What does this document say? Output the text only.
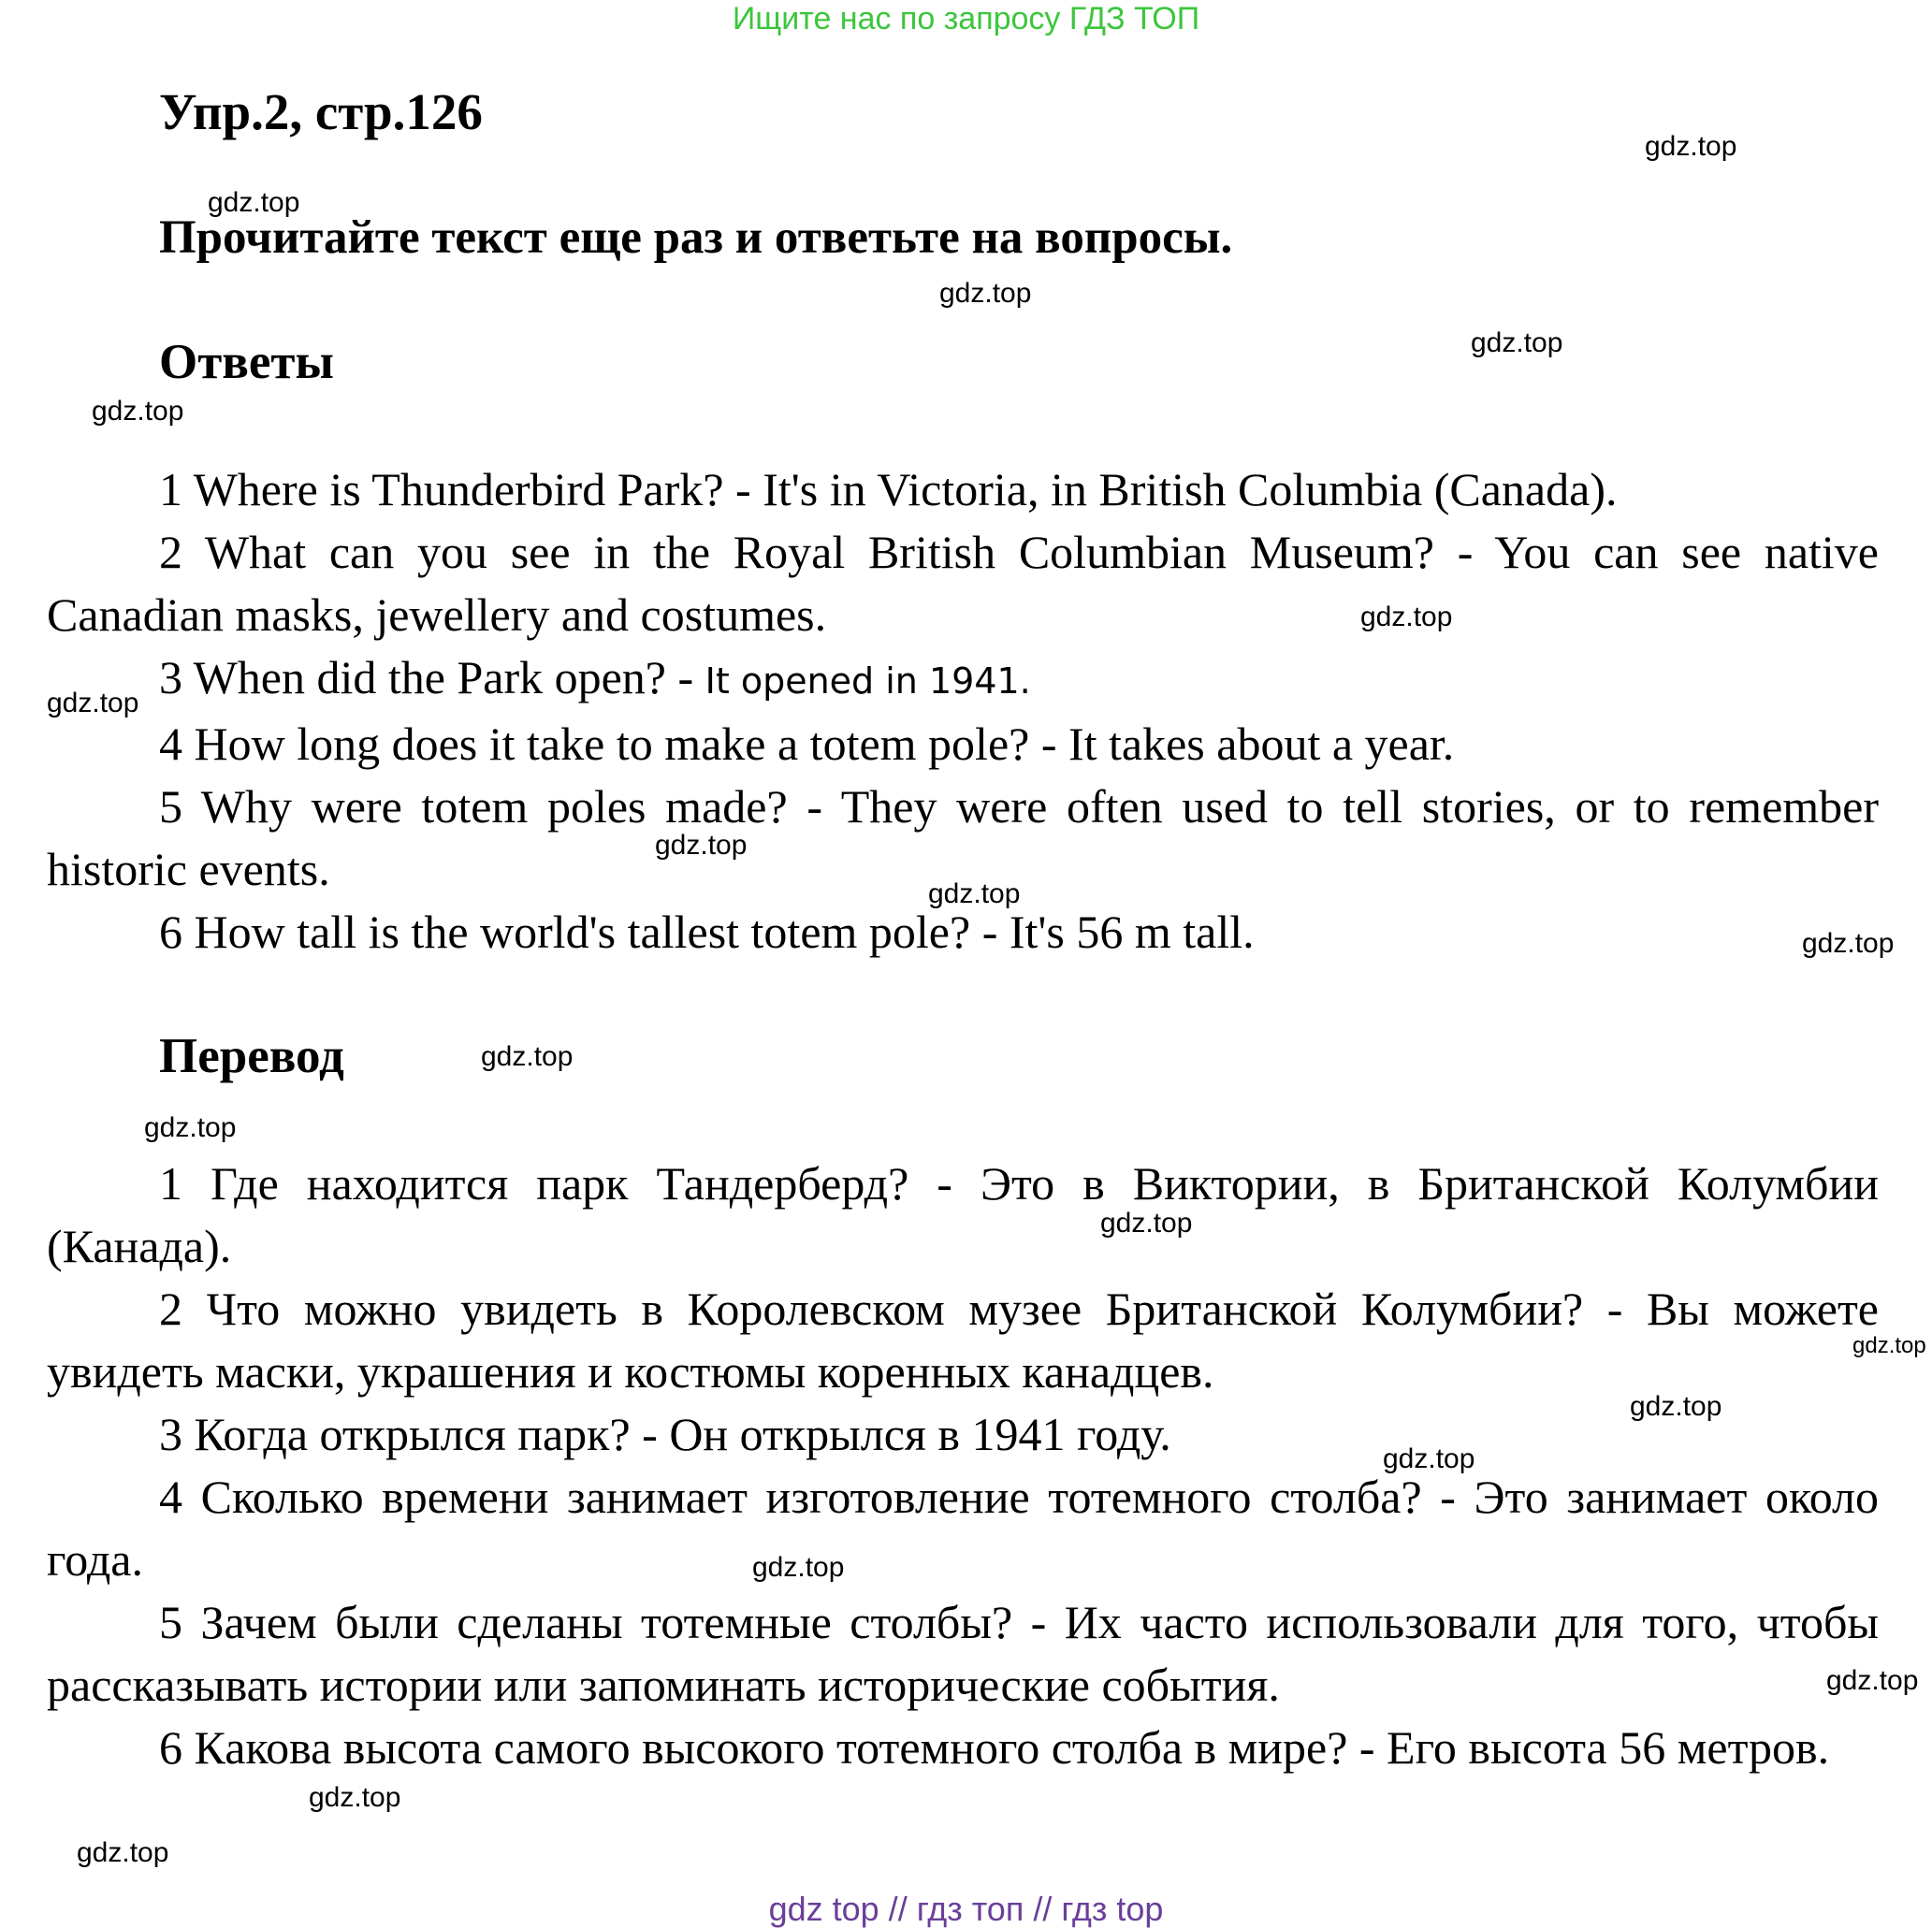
Ищите нас по запросу ГДЗ ТОП
Упр.2, стр.126
Прочитайте текст еще раз и ответьте на вопросы.
Ответы

1 Where is Thunderbird Park? - It's in Victoria, in British Columbia (Canada).

2 What can you see in the Royal British Columbian Museum? - You can see native Canadian masks, jewellery and costumes.

3 When did the Park open? - It opened in 1941.

4 How long does it take to make a totem pole? - It takes about a year.

5 Why were totem poles made? - They were often used to tell stories, or to remember historic events.

6 How tall is the world's tallest totem pole? - It's 56 m tall.

Перевод

1 Где находится парк Тандерберд? - Это в Виктории, в Британской Колумбии (Канада).

2 Что можно увидеть в Королевском музее Британской Колумбии? - Вы можете увидеть маски, украшения и костюмы коренных канадцев.

3 Когда открылся парк? - Он открылся в 1941 году.

4 Сколько времени занимает изготовление тотемного столба? - Это занимает около года.

5 Зачем были сделаны тотемные столбы? - Их часто использовали для того, чтобы рассказывать истории или запоминать исторические события.

6 Какова высота самого высокого тотемного столба в мире? - Его высота 56 метров.

gdz.top
gdz.top
gdz.top
gdz.top
gdz.top
gdz.top
gdz.top
gdz.top
gdz.top
gdz.top
gdz.top
gdz.top
gdz.top
gdz.top
gdz.top
gdz.top
gdz.top
gdz.top
gdz.top
gdz.top
gdz top // гдз топ // гдз top
